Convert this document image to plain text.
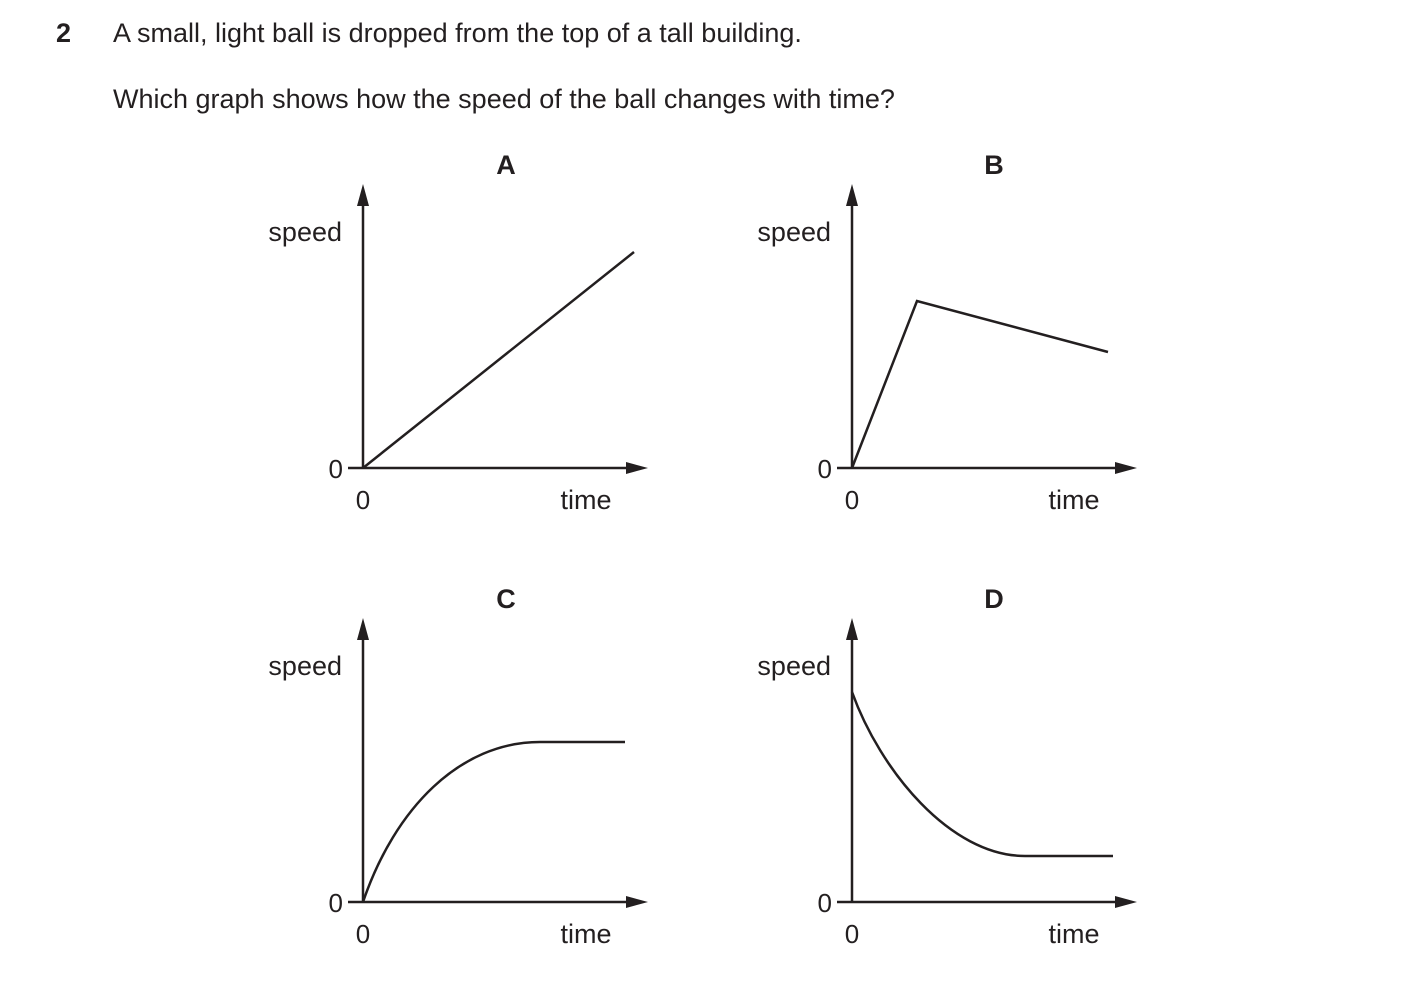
2 A small, light ball is dropped from the top of a tall building.
Which graph shows how the speed of the ball changes with time?
A
speed
0
0	time
B
speed
0
0	time
C
speed
0
0	time
D
speed
0
0	time
